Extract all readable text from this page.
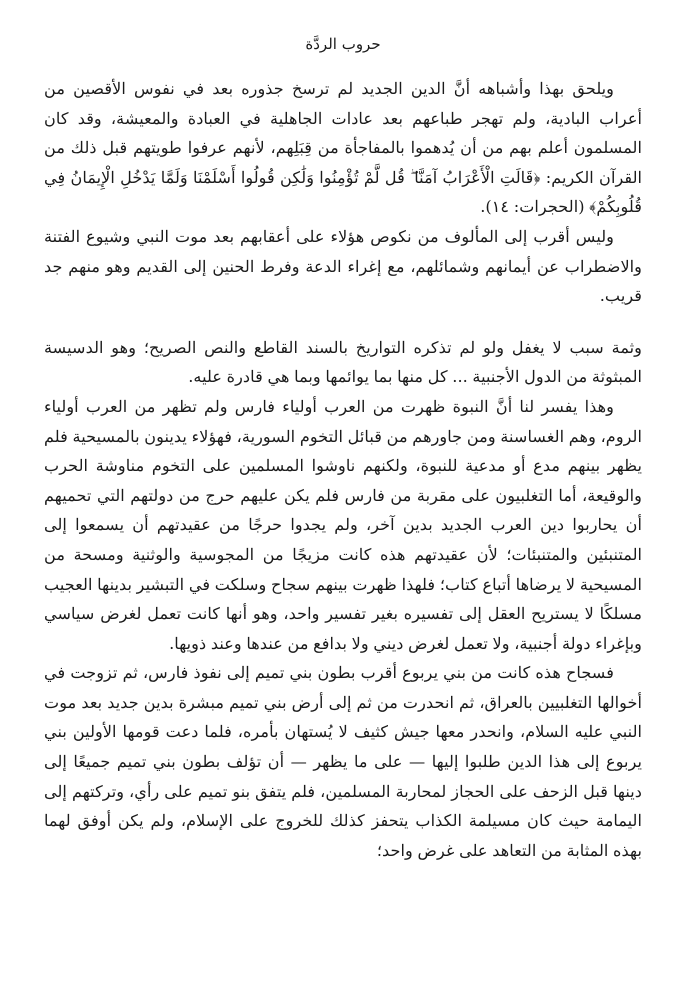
حروب الردَّة

ويلحق بهذا وأشباهه أنَّ الدين الجديد لم ترسخ جذوره بعد في نفوس الأقصين من أعراب البادية، ولم تهجر طباعهم بعد عادات الجاهلية في العبادة والمعيشة، وقد كان المسلمون أعلم بهم من أن يُدهموا بالمفاجأة من قِبَلِهم، لأنهم عرفوا طويتهم قبل ذلك من القرآن الكريم: ﴿قَالَتِ الْأَعْرَابُ آمَنَّا ۖ قُل لَّمْ تُؤْمِنُوا وَلَٰكِن قُولُوا أَسْلَمْنَا وَلَمَّا يَدْخُلِ الْإِيمَانُ فِي قُلُوبِكُمْ﴾ (الحجرات: ١٤).

وليس أقرب إلى المألوف من نكوص هؤلاء على أعقابهم بعد موت النبي وشيوع الفتنة والاضطراب عن أيمانهم وشمائلهم، مع إغراء الدعة وفرط الحنين إلى القديم وهو منهم جد قريب.

وثمة سبب لا يغفل ولو لم تذكره التواريخ بالسند القاطع والنص الصريح؛ وهو الدسيسة المبثوثة من الدول الأجنبية ... كل منها بما يوائمها وبما هي قادرة عليه.

وهذا يفسر لنا أنَّ النبوة ظهرت من العرب أولياء فارس ولم تظهر من العرب أولياء الروم، وهم الغساسنة ومن جاورهم من قبائل التخوم السورية، فهؤلاء يدينون بالمسيحية فلم يظهر بينهم مدع أو مدعية للنبوة، ولكنهم ناوشوا المسلمين على التخوم مناوشة الحرب والوقيعة، أما التغلبيون على مقربة من فارس فلم يكن عليهم حرج من دولتهم التي تحميهم أن يحاربوا دين العرب الجديد بدين آخر، ولم يجدوا حرجًا من عقيدتهم أن يسمعوا إلى المتنبئين والمتنبئات؛ لأن عقيدتهم هذه كانت مزيجًا من المجوسية والوثنية ومسحة من المسيحية لا يرضاها أتباع كتاب؛ فلهذا ظهرت بينهم سجاح وسلكت في التبشير بدينها العجيب مسلكًا لا يستريح العقل إلى تفسيره بغير تفسير واحد، وهو أنها كانت تعمل لغرض سياسي وبإغراء دولة أجنبية، ولا تعمل لغرض ديني ولا بدافع من عندها وعند ذويها.

فسجاح هذه كانت من بني يربوع أقرب بطون بني تميم إلى نفوذ فارس، ثم تزوجت في أخوالها التغلبيين بالعراق، ثم انحدرت من ثم إلى أرض بني تميم مبشرة بدين جديد بعد موت النبي عليه السلام، وانحدر معها جيش كثيف لا يُستهان بأمره، فلما دعت قومها الأولين بني يربوع إلى هذا الدين طلبوا إليها — على ما يظهر — أن تؤلف بطون بني تميم جميعًا إلى دينها قبل الزحف على الحجاز لمحاربة المسلمين، فلم يتفق بنو تميم على رأي، وتركتهم إلى اليمامة حيث كان مسيلمة الكذاب يتحفز كذلك للخروج على الإسلام، ولم يكن أوفق لهما بهذه المثابة من التعاهد على غرض واحد؛
